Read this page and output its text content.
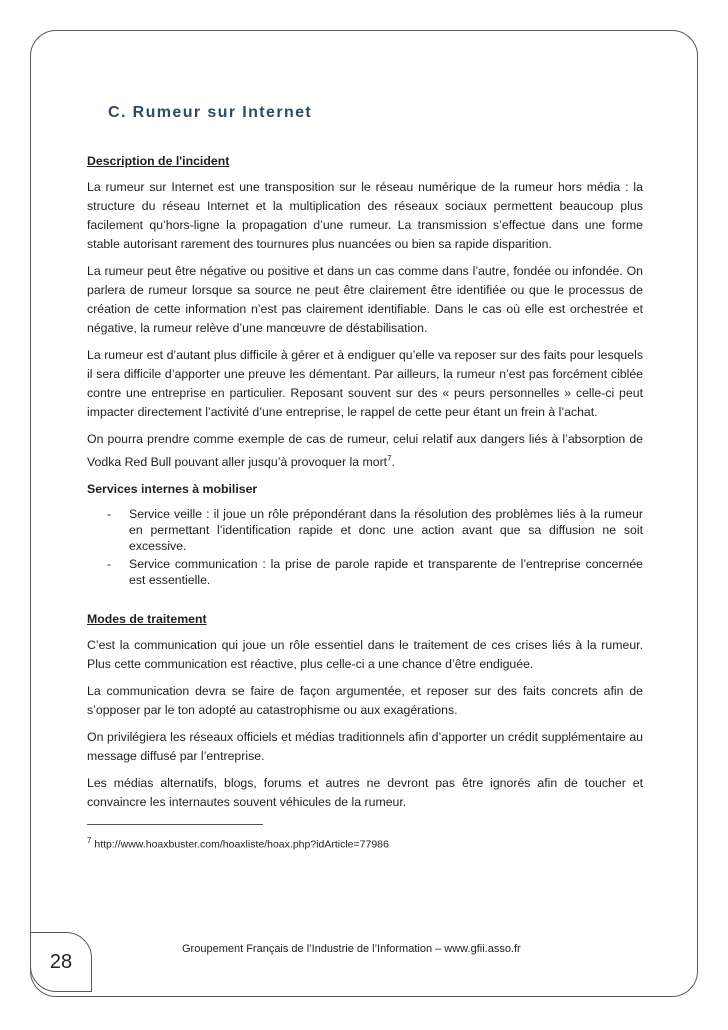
C. Rumeur sur Internet
Description de l'incident

La rumeur sur Internet est une transposition sur le réseau numérique de la rumeur hors média : la structure du réseau Internet et la multiplication des réseaux sociaux permettent beaucoup plus facilement qu’hors-ligne la propagation d’une rumeur. La transmission s’effectue dans une forme stable autorisant rarement des tournures plus nuancées ou bien sa rapide disparition.

La rumeur peut être négative ou positive et dans un cas comme dans l’autre, fondée ou infondée. On parlera de rumeur lorsque sa source ne peut être clairement être identifiée ou que le processus de création de cette information n’est pas clairement identifiable. Dans le cas où elle est orchestrée et négative, la rumeur relève d’une manœuvre de déstabilisation.

La rumeur est d’autant plus difficile à gérer et à endiguer qu’elle va reposer sur des faits pour lesquels il sera difficile d’apporter une preuve les démentant. Par ailleurs, la rumeur n’est pas forcément ciblée contre une entreprise en particulier. Reposant souvent sur des « peurs personnelles » celle-ci peut impacter directement l’activité d’une entreprise, le rappel de cette peur étant un frein à l’achat.

On pourra prendre comme exemple de cas de rumeur, celui relatif aux dangers liés à l’absorption de Vodka Red Bull pouvant aller jusqu’à provoquer la mort$^7$.

Services internes à mobiliser
- Service veille : il joue un rôle prépondérant dans la résolution des problèmes liés à la rumeur en permettant l’identification rapide et donc une action avant que sa diffusion ne soit excessive.
- Service communication : la prise de parole rapide et transparente de l’entreprise concernée est essentielle.
Modes de traitement

C’est la communication qui joue un rôle essentiel dans le traitement de ces crises liés à la rumeur. Plus cette communication est réactive, plus celle-ci a une chance d’être endiguée.

La communication devra se faire de façon argumentée, et reposer sur des faits concrets afin de s’opposer par le ton adopté au catastrophisme ou aux exagérations.

On privilégiera les réseaux officiels et médias traditionnels afin d’apporter un crédit supplémentaire au message diffusé par l’entreprise.

Les médias alternatifs, blogs, forums et autres ne devront pas être ignorés afin de toucher et convaincre les internautes souvent véhicules de la rumeur.

$^7$ http://www.hoaxbuster.com/hoaxliste/hoax.php?idArticle=77986
28
Groupement Français de l’Industrie de l’Information – www.gfii.asso.fr
